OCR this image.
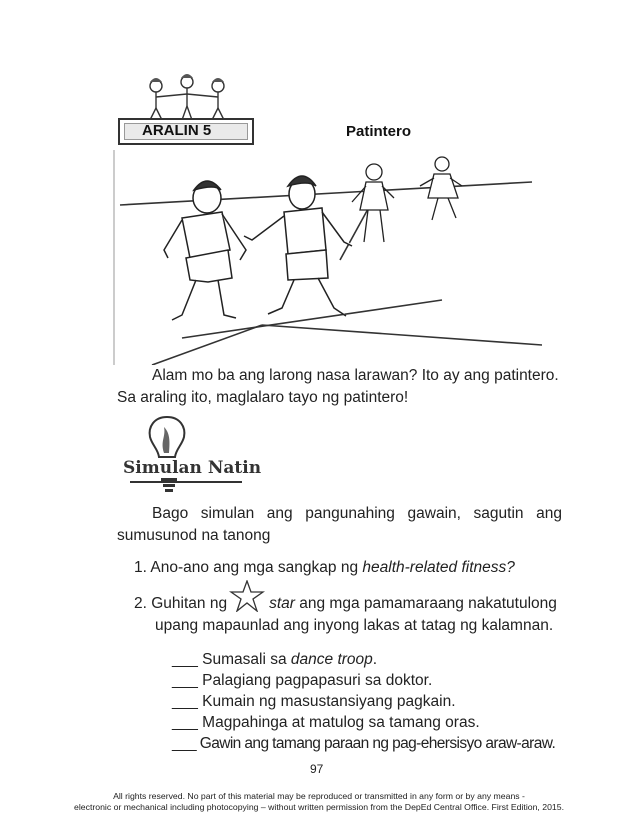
ARALIN 5	Patintero
Alam mo ba ang larong nasa larawan? Ito ay ang patintero.
Sa araling ito, maglalaro tayo ng patintero!
Simulan Natin
Bago simulan ang pangunahing gawain, sagutin ang
sumusunod na tanong
1. Ano-ano ang mga sangkap ng health-related fitness?
2. Guhitan ng	star ang mga pamamaraang nakatutulong
upang mapaunlad ang inyong lakas at tatag ng kalamnan.
___ Sumasali sa dance troop.
___ Palagiang pagpapasuri sa doktor.
___ Kumain ng masustansiyang pagkain.
___ Magpahinga at matulog sa tamang oras.
___ Gawin ang tamang paraan ng pag-ehersisyo araw-araw.
97
All rights reserved. No part of this material may be reproduced or transmitted in any form or by any means -
electronic or mechanical including photocopying – without written permission from the DepEd Central Office. First Edition, 2015.
